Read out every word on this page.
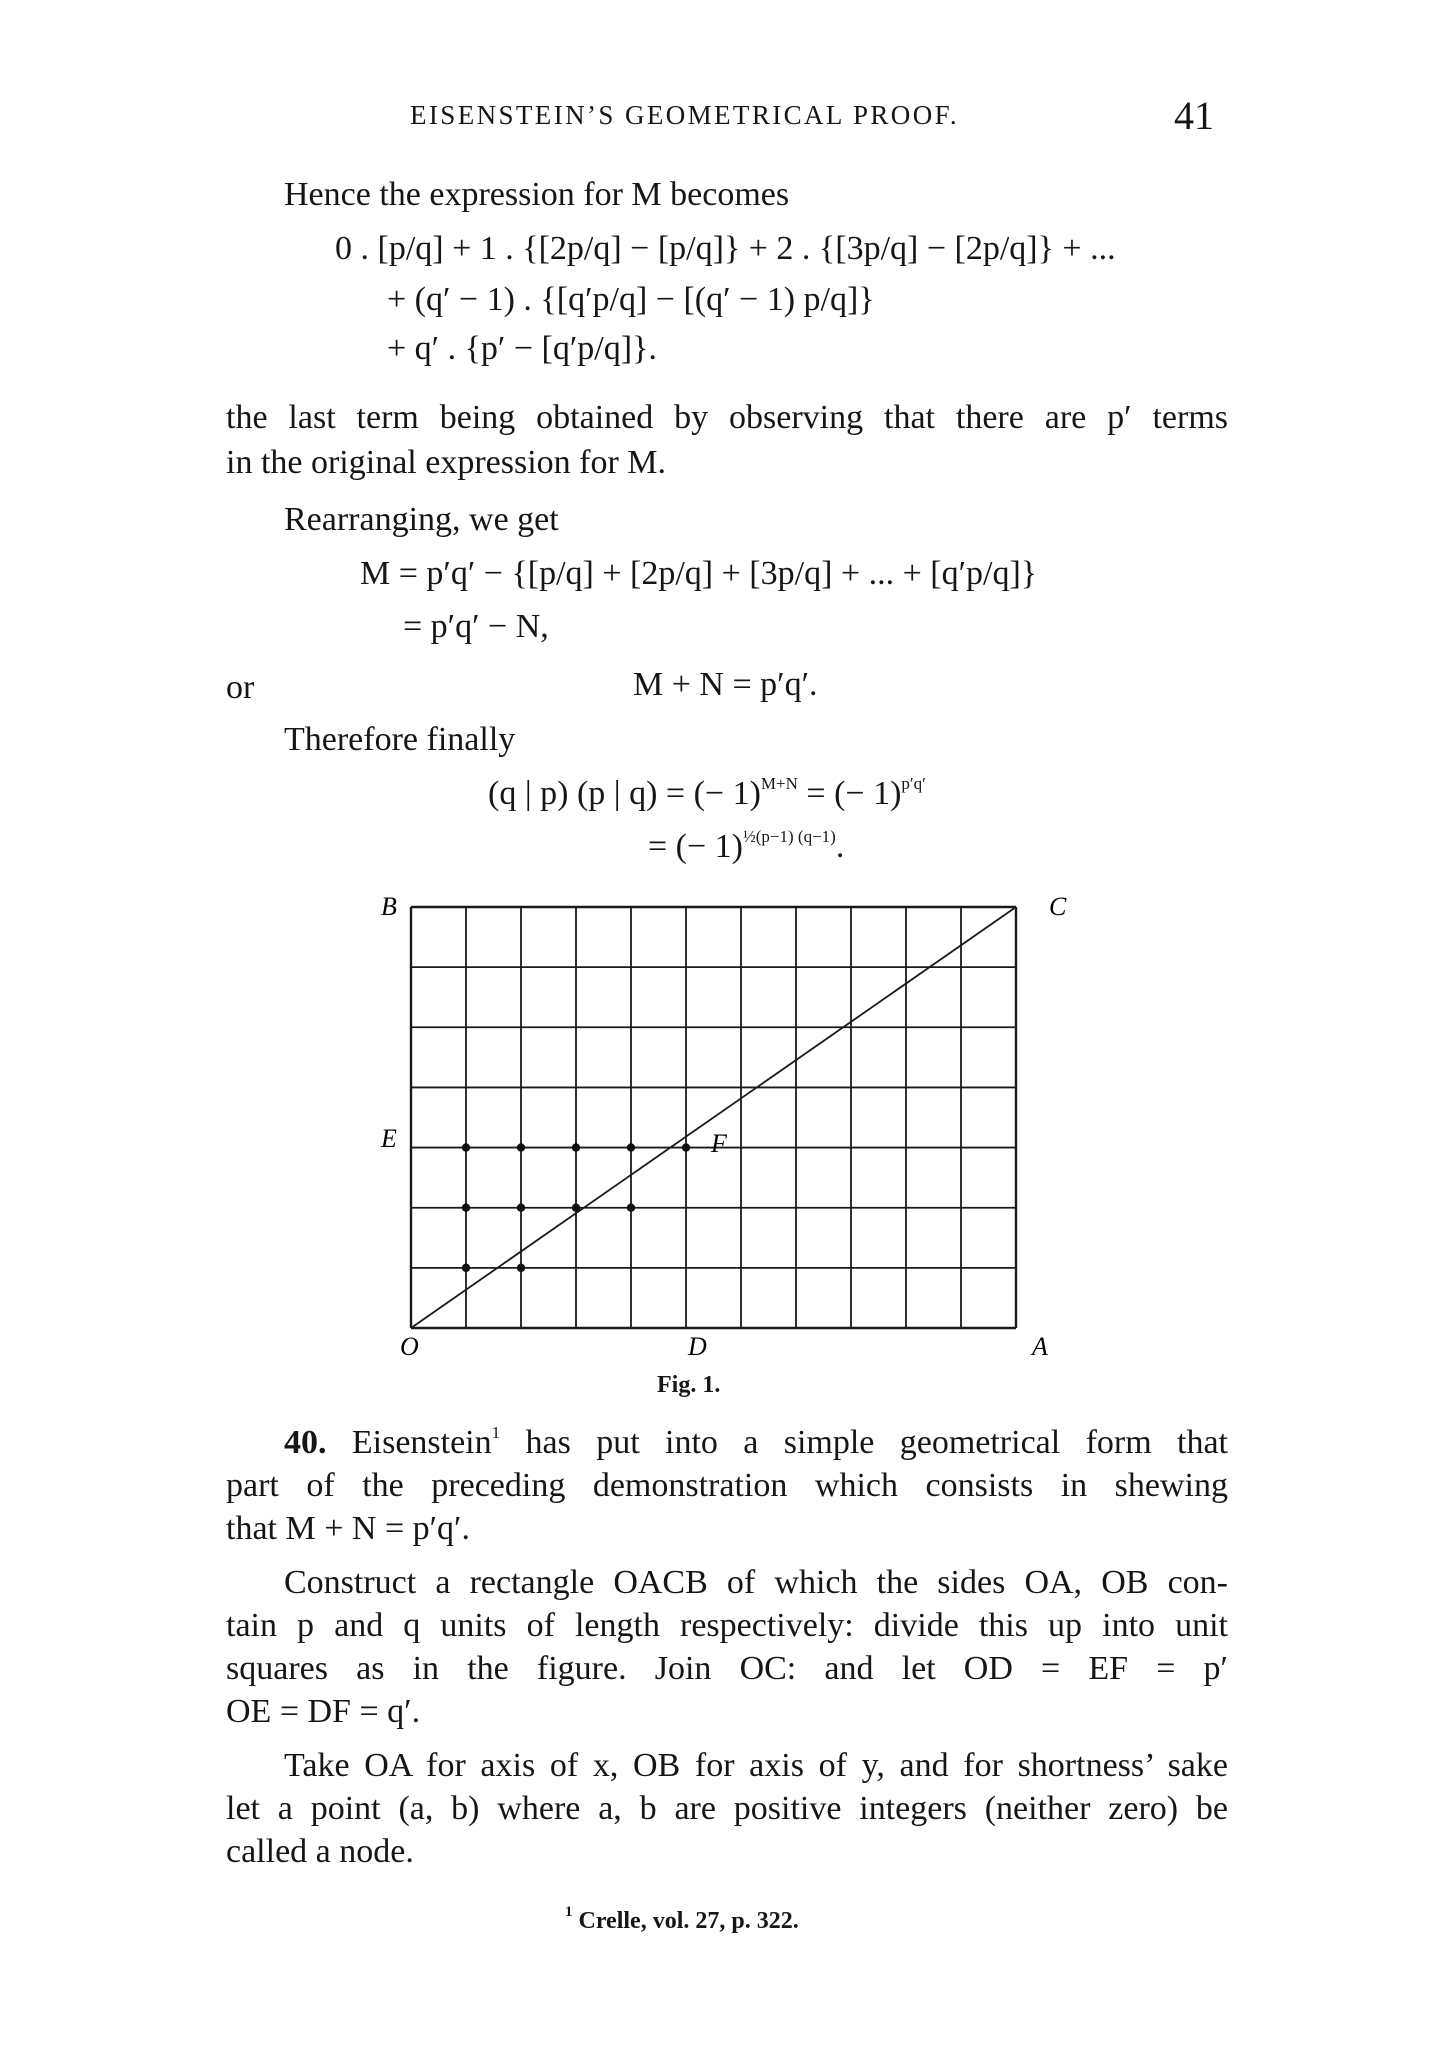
EISENSTEIN’S GEOMETRICAL PROOF.	41
Hence the expression for M becomes
0 . [p/q] + 1 . {[2p/q] − [p/q]} + 2 . {[3p/q] − [2p/q]} + ...
+ (q′ − 1) . {[q′p/q] − [(q′ − 1) p/q]}
+ q′ . {p′ − [q′p/q]}.
the last term being obtained by observing that there are p′ terms
in the original expression for M.
Rearranging, we get
M = p′q′ − {[p/q] + [2p/q] + [3p/q] + ... + [q′p/q]}
= p′q′ − N,
or	M + N = p′q′.
Therefore finally
(q | p) (p | q) = (− 1)$^{M+N}$ = (− 1)$^{p'q'}$
= (− 1)$^{\frac{1}{2}(p-1) (q-1)}$.
B	C
E	F
O	D	A
Fig. 1.
40. Eisenstein$^1$ has put into a simple geometrical form that
part of the preceding demonstration which consists in shewing
that M + N = p′q′.
Construct a rectangle OACB of which the sides OA, OB con-
tain p and q units of length respectively: divide this up into unit
squares as in the figure. Join OC: and let OD = EF = p′
OE = DF = q′.
Take OA for axis of x, OB for axis of y, and for shortness’ sake
let a point (a, b) where a, b are positive integers (neither zero) be
called a node.
$^1$ Crelle, vol. 27, p. 322.
